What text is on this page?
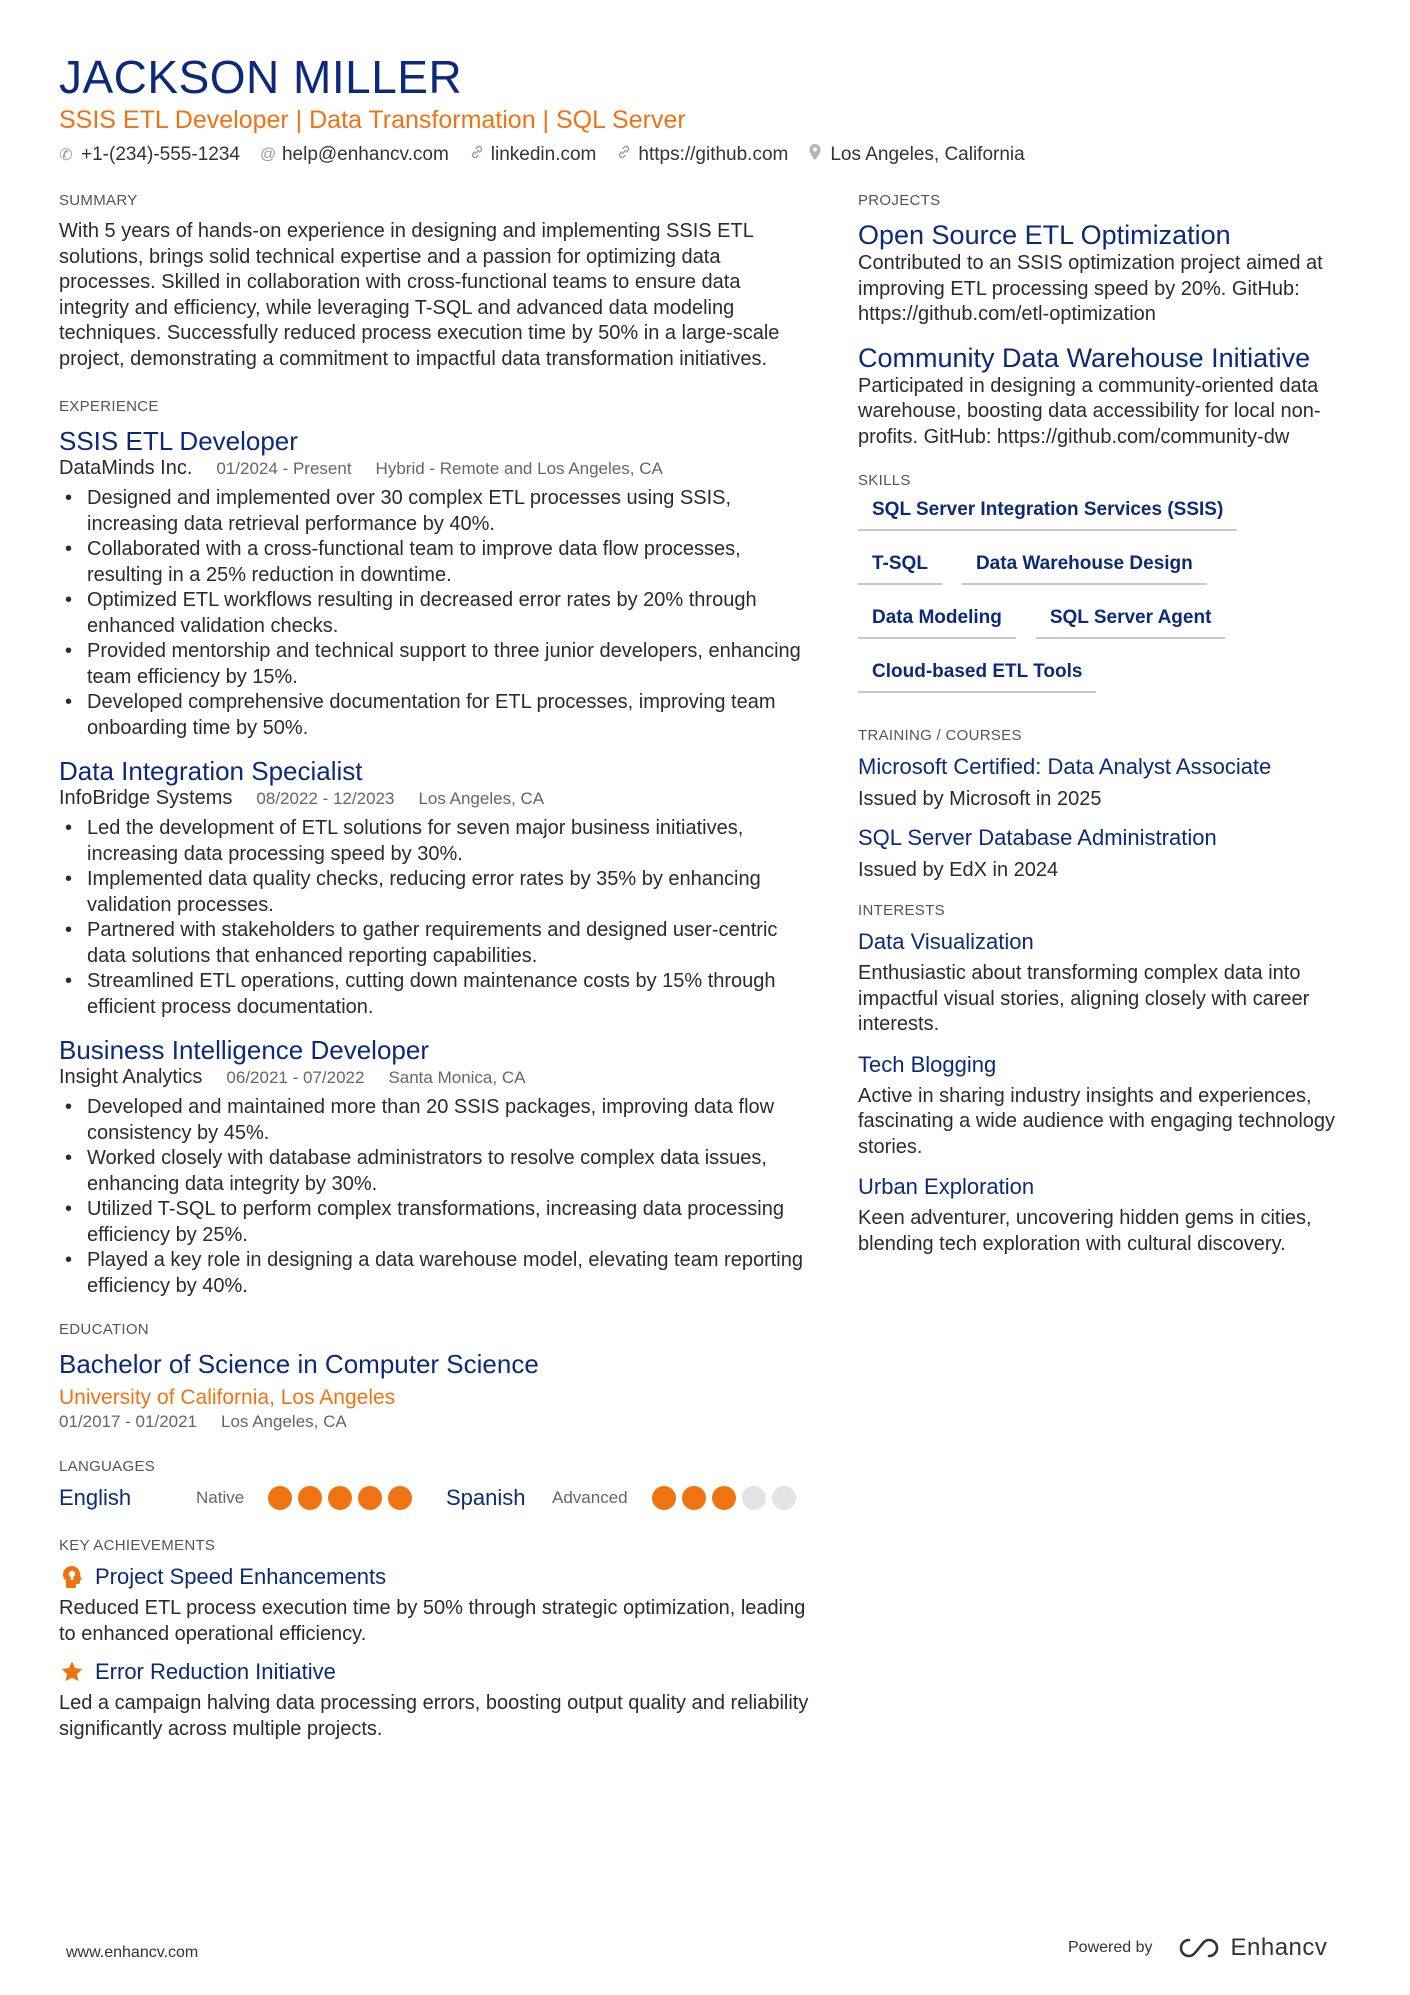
JACKSON MILLER
SSIS ETL Developer | Data Transformation | SQL Server
✆ +1-(234)-555-1234 @ help@enhancv.com linkedin.com https://github.com Los Angeles, California
SUMMARY
With 5 years of hands-on experience in designing and implementing SSIS ETL solutions, brings solid technical expertise and a passion for optimizing data processes. Skilled in collaboration with cross-functional teams to ensure data integrity and efficiency, while leveraging T-SQL and advanced data modeling techniques. Successfully reduced process execution time by 50% in a large-scale project, demonstrating a commitment to impactful data transformation initiatives.
EXPERIENCE
SSIS ETL Developer
DataMinds Inc. 01/2024 - Present Hybrid - Remote and Los Angeles, CA
• Designed and implemented over 30 complex ETL processes using SSIS, increasing data retrieval performance by 40%.
• Collaborated with a cross-functional team to improve data flow processes, resulting in a 25% reduction in downtime.
• Optimized ETL workflows resulting in decreased error rates by 20% through enhanced validation checks.
• Provided mentorship and technical support to three junior developers, enhancing team efficiency by 15%.
• Developed comprehensive documentation for ETL processes, improving team onboarding time by 50%.
Data Integration Specialist
InfoBridge Systems 08/2022 - 12/2023 Los Angeles, CA
• Led the development of ETL solutions for seven major business initiatives, increasing data processing speed by 30%.
• Implemented data quality checks, reducing error rates by 35% by enhancing validation processes.
• Partnered with stakeholders to gather requirements and designed user-centric data solutions that enhanced reporting capabilities.
• Streamlined ETL operations, cutting down maintenance costs by 15% through efficient process documentation.
Business Intelligence Developer
Insight Analytics 06/2021 - 07/2022 Santa Monica, CA
• Developed and maintained more than 20 SSIS packages, improving data flow consistency by 45%.
• Worked closely with database administrators to resolve complex data issues, enhancing data integrity by 30%.
• Utilized T-SQL to perform complex transformations, increasing data processing efficiency by 25%.
• Played a key role in designing a data warehouse model, elevating team reporting efficiency by 40%.
EDUCATION
Bachelor of Science in Computer Science
University of California, Los Angeles
01/2017 - 01/2021 Los Angeles, CA
LANGUAGES
English	Native	Spanish	Advanced
KEY ACHIEVEMENTS
Project Speed Enhancements
Reduced ETL process execution time by 50% through strategic optimization, leading to enhanced operational efficiency.
Error Reduction Initiative
Led a campaign halving data processing errors, boosting output quality and reliability significantly across multiple projects.
PROJECTS
Open Source ETL Optimization
Contributed to an SSIS optimization project aimed at improving ETL processing speed by 20%. GitHub: https://github.com/etl-optimization
Community Data Warehouse Initiative
Participated in designing a community-oriented data warehouse, boosting data accessibility for local non-profits. GitHub: https://github.com/community-dw
SKILLS
SQL Server Integration Services (SSIS)
T-SQL	Data Warehouse Design
Data Modeling	SQL Server Agent
Cloud-based ETL Tools
TRAINING / COURSES
Microsoft Certified: Data Analyst Associate
Issued by Microsoft in 2025
SQL Server Database Administration
Issued by EdX in 2024
INTERESTS
Data Visualization
Enthusiastic about transforming complex data into impactful visual stories, aligning closely with career interests.
Tech Blogging
Active in sharing industry insights and experiences, fascinating a wide audience with engaging technology stories.
Urban Exploration
Keen adventurer, uncovering hidden gems in cities, blending tech exploration with cultural discovery.
www.enhancv.com	Powered by	Enhancv
